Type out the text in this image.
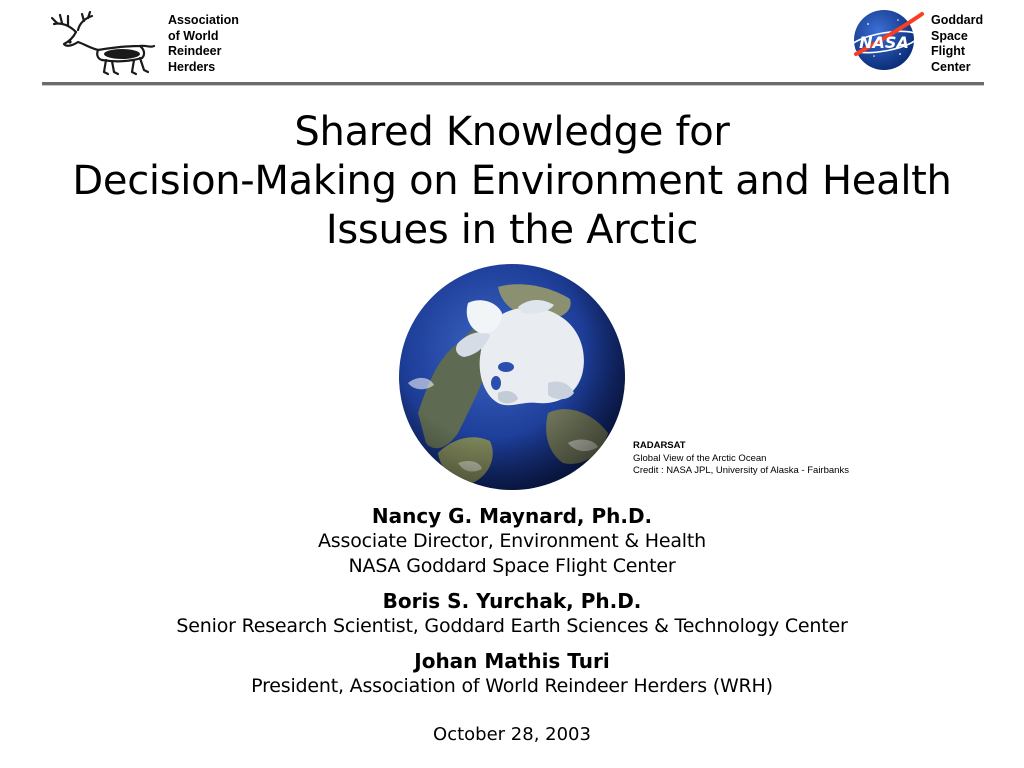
Association
of World
Reindeer
Herders
NASA
Goddard
Space
Flight
Center
Shared Knowledge for
Decision-Making on Environment and Health
Issues in the Arctic
RADARSAT
Global View of the Arctic Ocean
Credit : NASA JPL, University of Alaska - Fairbanks
Nancy G. Maynard, Ph.D.
Associate Director, Environment & Health
NASA Goddard Space Flight Center
Boris S. Yurchak, Ph.D.
Senior Research Scientist, Goddard Earth Sciences & Technology Center
Johan Mathis Turi
President, Association of World Reindeer Herders (WRH)
October 28, 2003
